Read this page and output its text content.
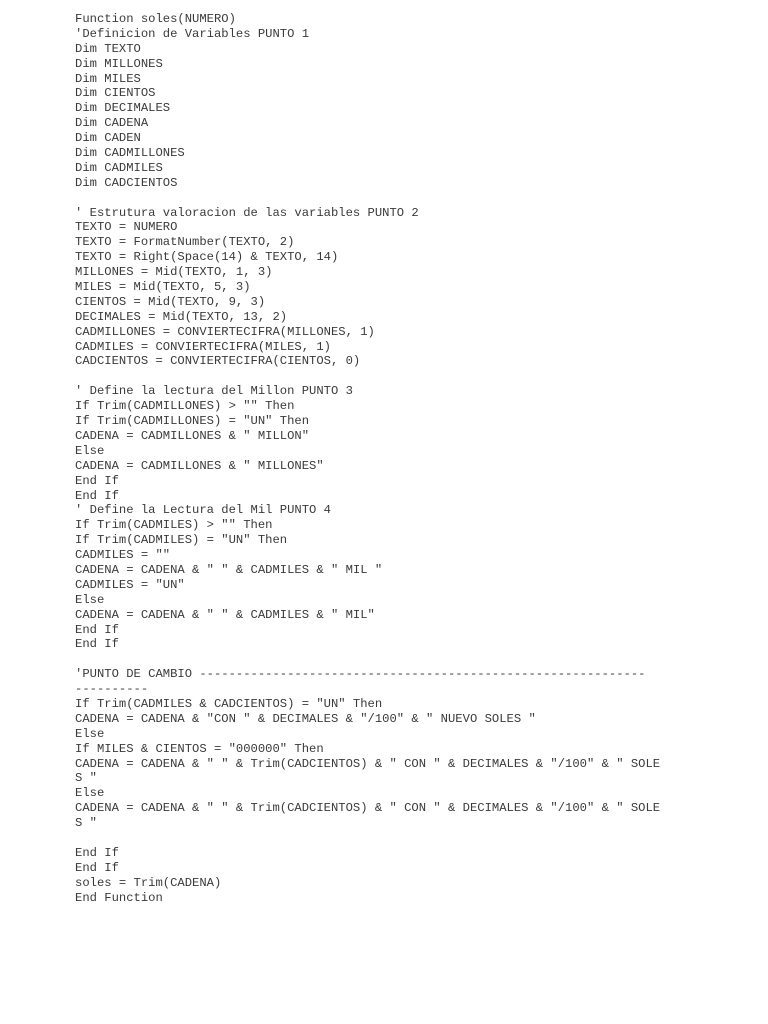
Function soles(NUMERO)
'Definicion de Variables PUNTO 1
Dim TEXTO
Dim MILLONES
Dim MILES
Dim CIENTOS
Dim DECIMALES
Dim CADENA
Dim CADEN
Dim CADMILLONES
Dim CADMILES
Dim CADCIENTOS
' Estrutura valoracion de las variables PUNTO 2
TEXTO = NUMERO
TEXTO = FormatNumber(TEXTO, 2)
TEXTO = Right(Space(14) & TEXTO, 14)
MILLONES = Mid(TEXTO, 1, 3)
MILES = Mid(TEXTO, 5, 3)
CIENTOS = Mid(TEXTO, 9, 3)
DECIMALES = Mid(TEXTO, 13, 2)
CADMILLONES = CONVIERTECIFRA(MILLONES, 1)
CADMILES = CONVIERTECIFRA(MILES, 1)
CADCIENTOS = CONVIERTECIFRA(CIENTOS, 0)
' Define la lectura del Millon PUNTO 3
If Trim(CADMILLONES) > "" Then
If Trim(CADMILLONES) = "UN" Then
CADENA = CADMILLONES & " MILLON"
Else
CADENA = CADMILLONES & " MILLONES"
End If
End If
' Define la Lectura del Mil PUNTO 4
If Trim(CADMILES) > "" Then
If Trim(CADMILES) = "UN" Then
CADMILES = ""
CADENA = CADENA & " " & CADMILES & " MIL "
CADMILES = "UN"
Else
CADENA = CADENA & " " & CADMILES & " MIL"
End If
End If
'PUNTO DE CAMBIO -------------------------------------------------------------
----------
If Trim(CADMILES & CADCIENTOS) = "UN" Then
CADENA = CADENA & "CON " & DECIMALES & "/100" & " NUEVO SOLES "
Else
If MILES & CIENTOS = "000000" Then
CADENA = CADENA & " " & Trim(CADCIENTOS) & " CON " & DECIMALES & "/100" & " SOLE
S "
Else
CADENA = CADENA & " " & Trim(CADCIENTOS) & " CON " & DECIMALES & "/100" & " SOLE
S "
End If
End If
soles = Trim(CADENA)
End Function
